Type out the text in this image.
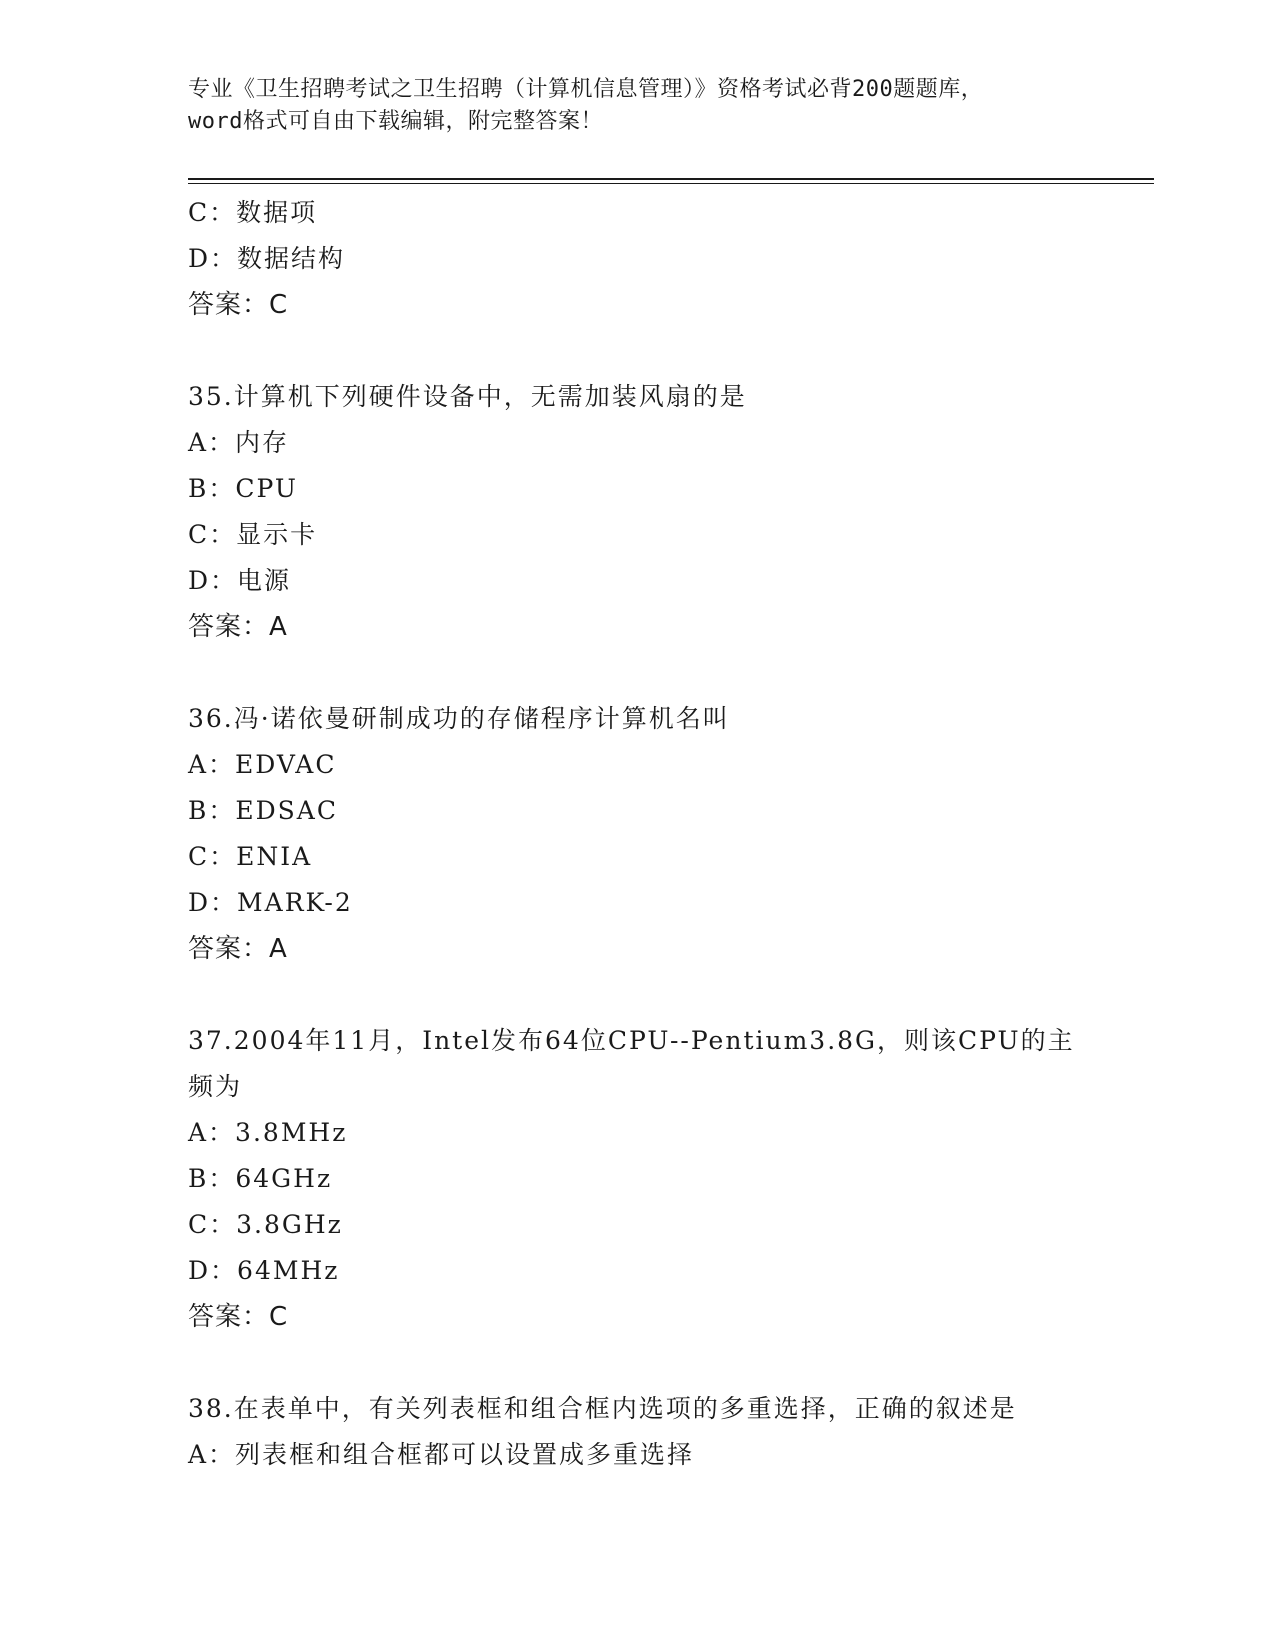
专业《卫生招聘考试之卫生招聘（计算机信息管理）》资格考试必背200题题库，
word格式可自由下载编辑，附完整答案！
C：数据项
D：数据结构
答案：C
35.计算机下列硬件设备中，无需加装风扇的是
A：内存
B：CPU
C：显示卡
D：电源
答案：A
36.冯·诺依曼研制成功的存储程序计算机名叫
A：EDVAC
B：EDSAC
C：ENIA
D：MARK-2
答案：A
37.2004年11月，Intel发布64位CPU--Pentium3.8G，则该CPU的主
频为
A：3.8MHz
B：64GHz
C：3.8GHz
D：64MHz
答案：C
38.在表单中，有关列表框和组合框内选项的多重选择，正确的叙述是
A：列表框和组合框都可以设置成多重选择
